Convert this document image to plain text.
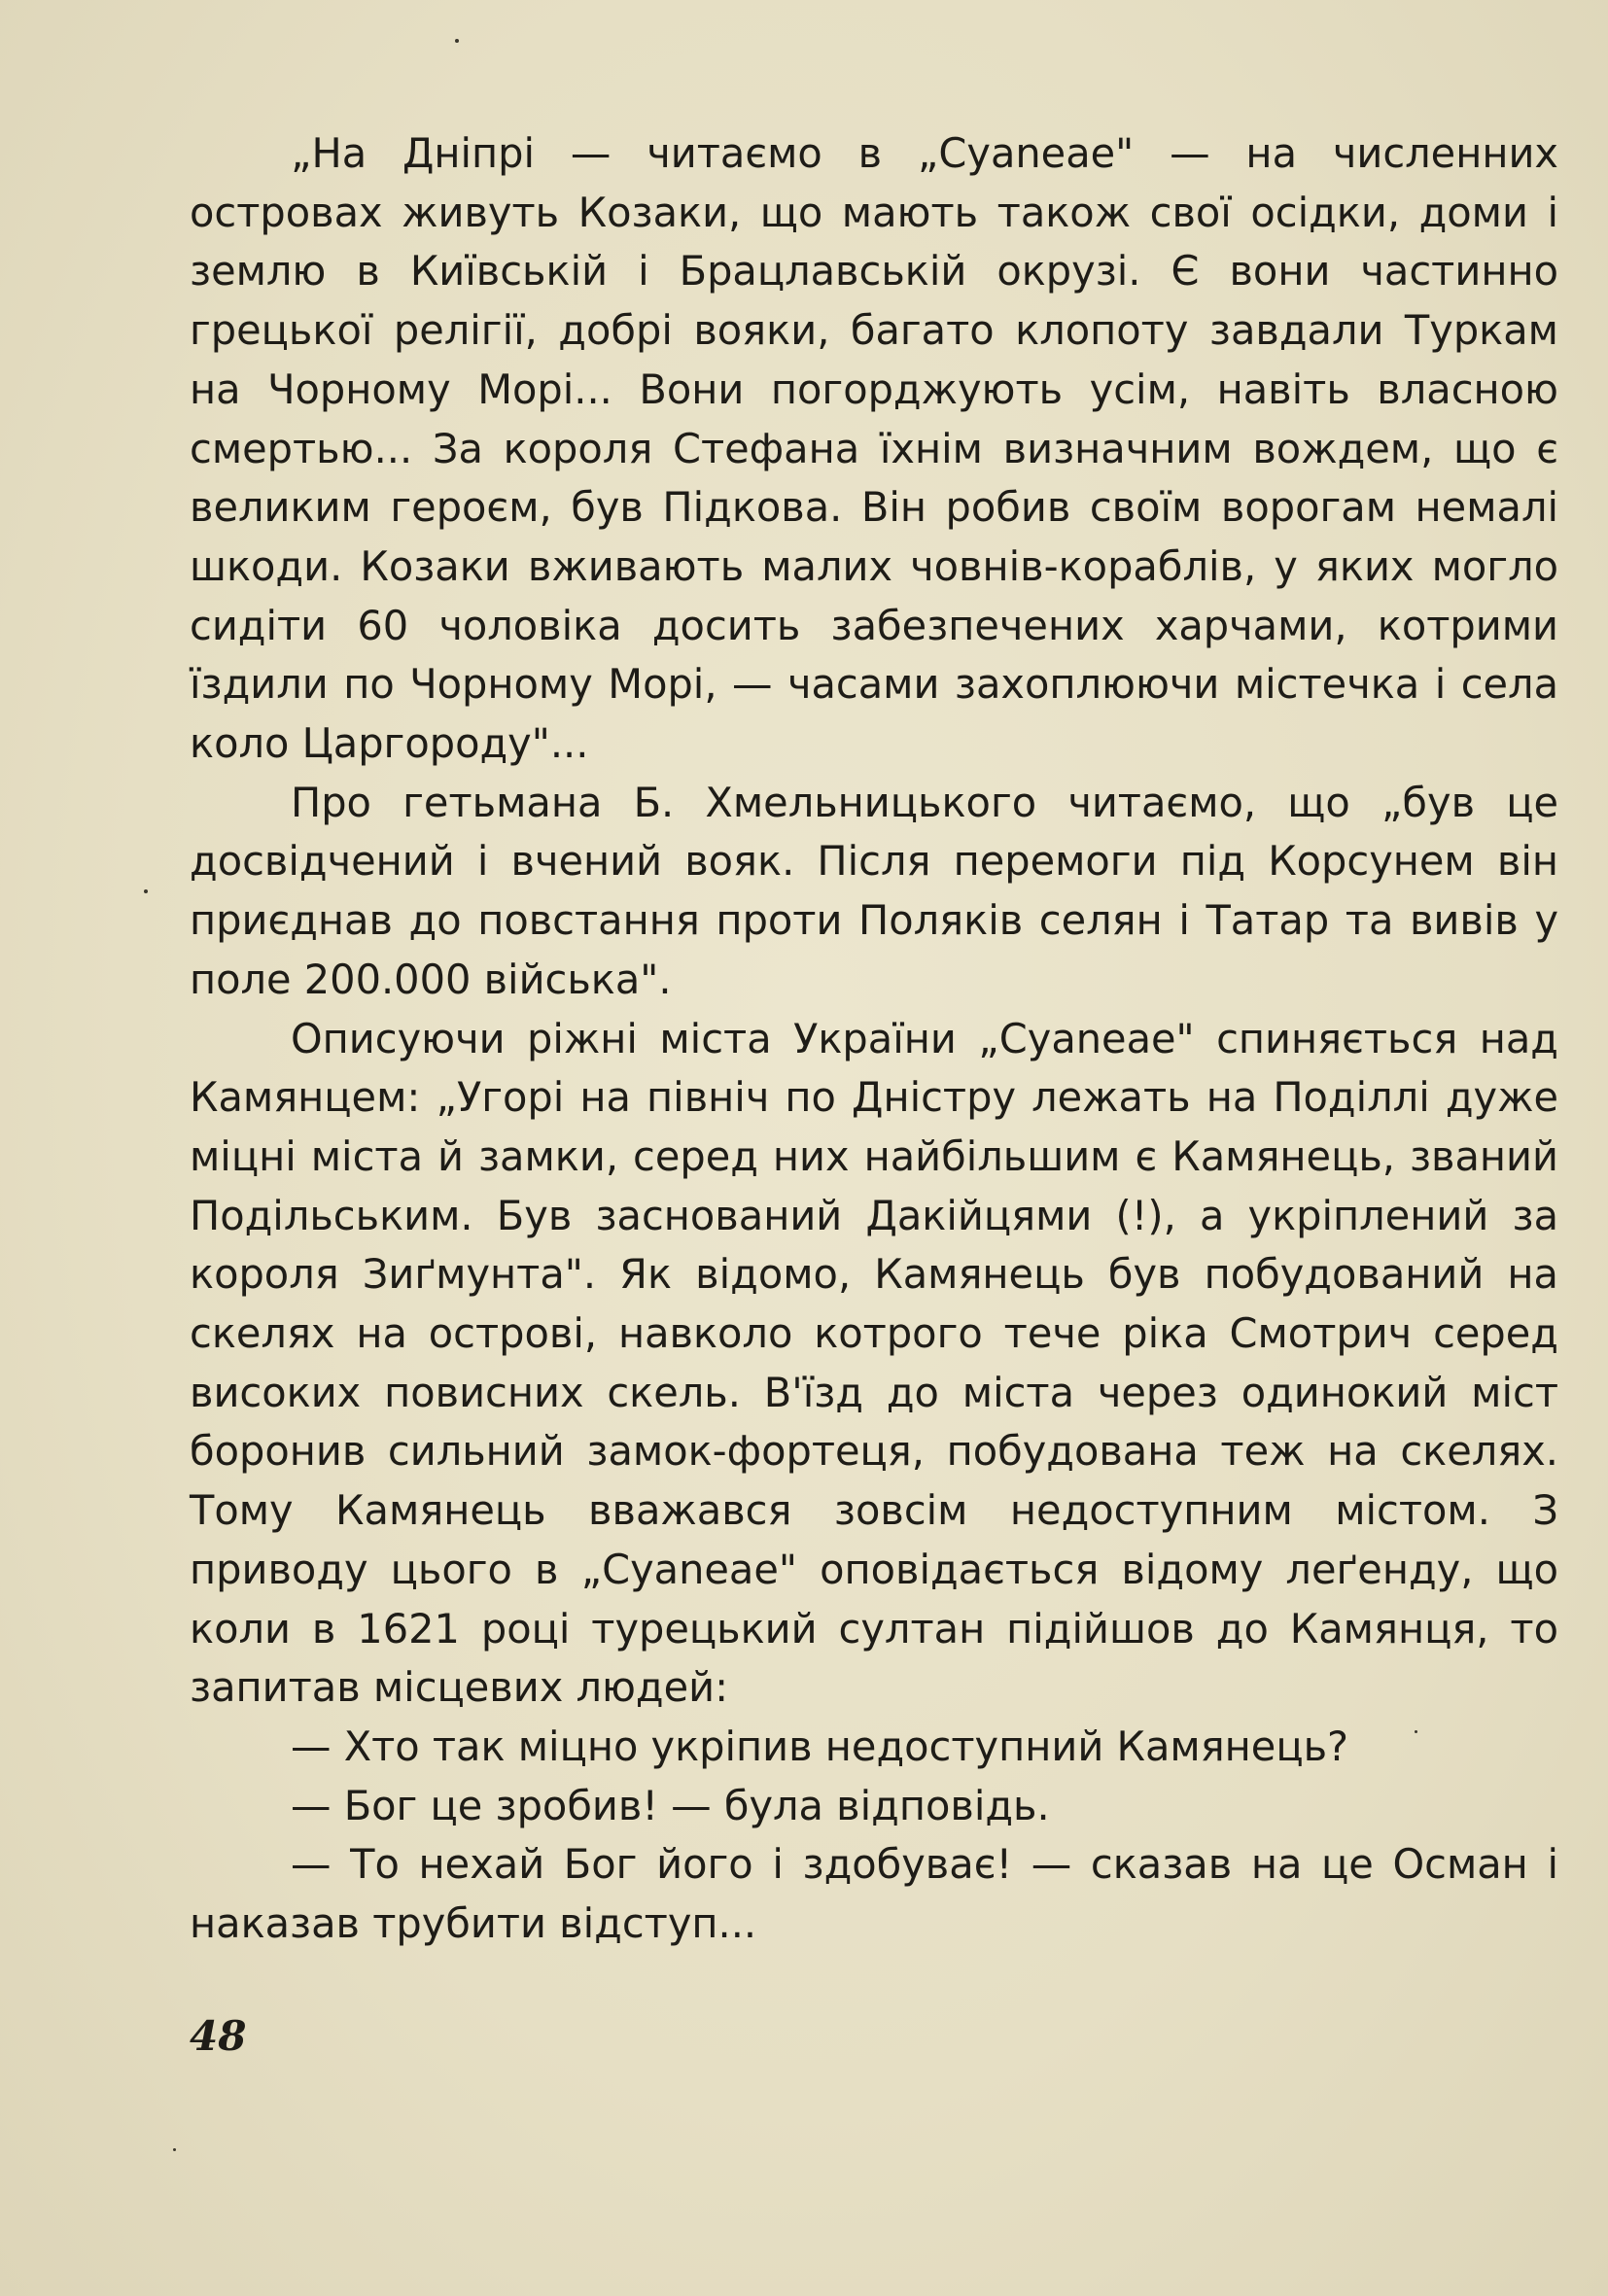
„На Дніпрі — читаємо в „Cyaneae" — на численних островах живуть Козаки, що мають також свої осідки, доми і землю в Київській і Брацлавській окрузі. Є вони частинно грецької релігії, добрі вояки, багато клопоту завдали Туркам на Чорному Морі... Вони погорджують усім, навіть власною смертью... За короля Стефана їхнім визначним вождем, що є великим героєм, був Підкова. Він робив своїм ворогам немалі шкоди. Козаки вживають малих човнів-кораблів, у яких могло сидіти 60 чоловіка досить забезпечених харчами, котрими їздили по Чорному Морі, — часами захоплюючи містечка і села коло Царгороду"...

Про гетьмана Б. Хмельницького читаємо, що „був це досвідчений і вчений вояк. Після перемоги під Корсунем він приєднав до повстання проти Поляків селян і Татар та вивів у поле 200.000 війська".

Описуючи ріжні міста України „Cyaneae" спиняється над Камянцем: „Угорі на північ по Дністру лежать на Поділлі дуже міцні міста й замки, серед них найбільшим є Камянець, званий Подільським. Був заснований Дакійцями (!), а укріплений за короля Зиґмунта". Як відомо, Камянець був побудований на скелях на острові, навколо котрого тече ріка Смотрич серед високих повисних скель. В'їзд до міста через одинокий міст боронив сильний замок-фортеця, побудована теж на скелях. Тому Камянець вважався зовсім недоступним містом. З приводу цього в „Cyaneae" оповідається відому леґенду, що коли в 1621 році турецький султан підійшов до Камянця, то запитав місцевих людей:

— Хто так міцно укріпив недоступний Камянець?

— Бог це зробив! — була відповідь.

— То нехай Бог його і здобуває! — сказав на це Осман і наказав трубити відступ...

48
